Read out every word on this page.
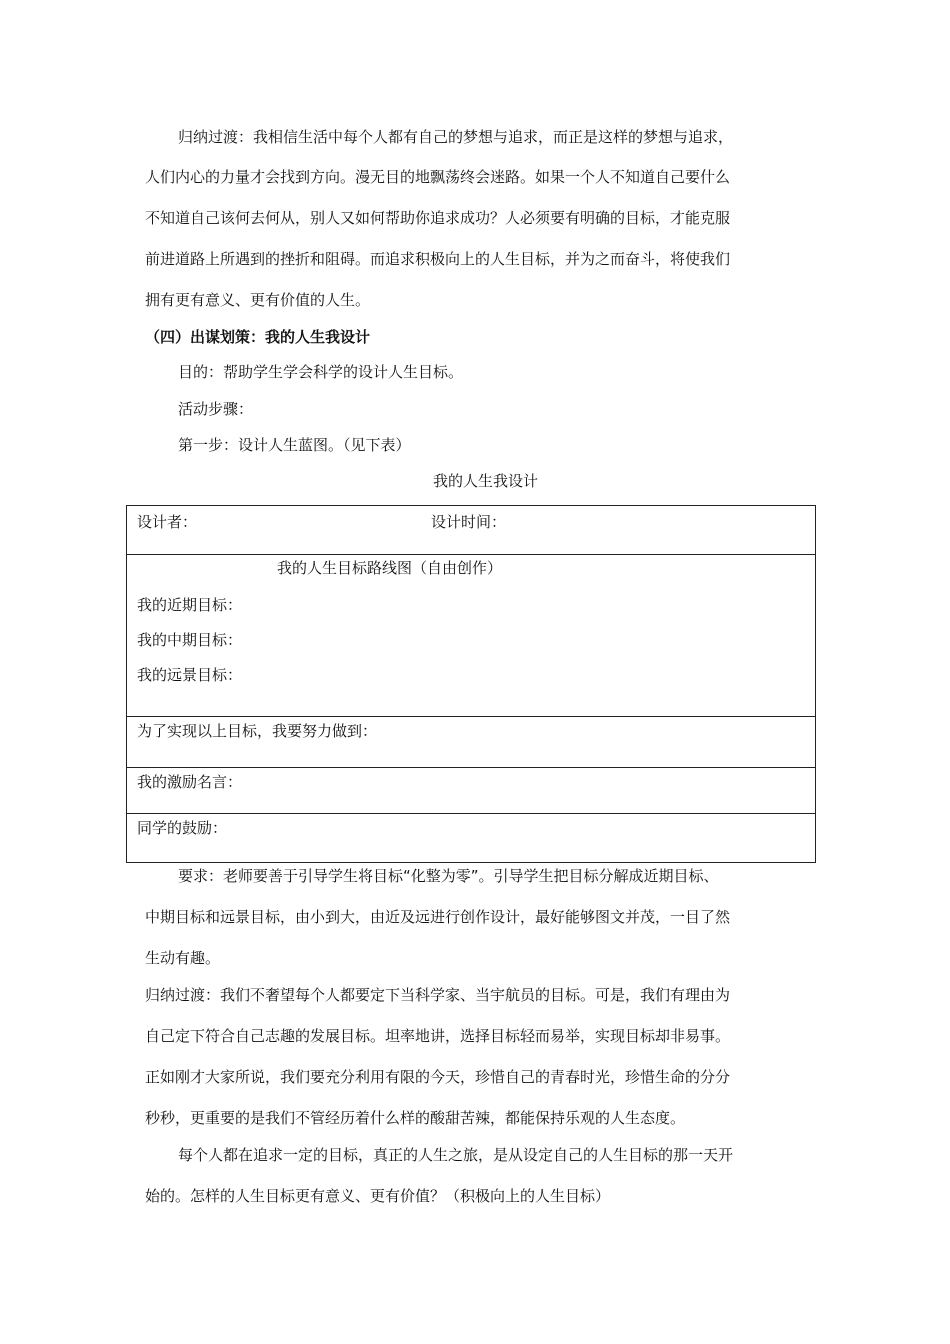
归纳过渡：我相信生活中每个人都有自己的梦想与追求，而正是这样的梦想与追求，
人们内心的力量才会找到方向。漫无目的地飘荡终会迷路。如果一个人不知道自己要什么
不知道自己该何去何从，别人又如何帮助你追求成功？人必须要有明确的目标，才能克服
前进道路上所遇到的挫折和阻碍。而追求积极向上的人生目标，并为之而奋斗，将使我们
拥有更有意义、更有价值的人生。
（四）出谋划策：我的人生我设计
目的：帮助学生学会科学的设计人生目标。
活动步骤：
第一步：设计人生蓝图。（见下表）
我的人生我设计
设计者：	设计时间：

我的人生目标路线图（自由创作）
我的近期目标：
我的中期目标：
我的远景目标：

为了实现以上目标，我要努力做到：

我的激励名言：

同学的鼓励：
要求：老师要善于引导学生将目标“化整为零”。引导学生把目标分解成近期目标、
中期目标和远景目标，由小到大，由近及远进行创作设计，最好能够图文并茂，一目了然
生动有趣。
归纳过渡：我们不奢望每个人都要定下当科学家、当宇航员的目标。可是，我们有理由为
自己定下符合自己志趣的发展目标。坦率地讲，选择目标轻而易举，实现目标却非易事。
正如刚才大家所说，我们要充分利用有限的今天，珍惜自己的青春时光，珍惜生命的分分
秒秒，更重要的是我们不管经历着什么样的酸甜苦辣，都能保持乐观的人生态度。
每个人都在追求一定的目标，真正的人生之旅，是从设定自己的人生目标的那一天开
始的。怎样的人生目标更有意义、更有价值？（积极向上的人生目标）
